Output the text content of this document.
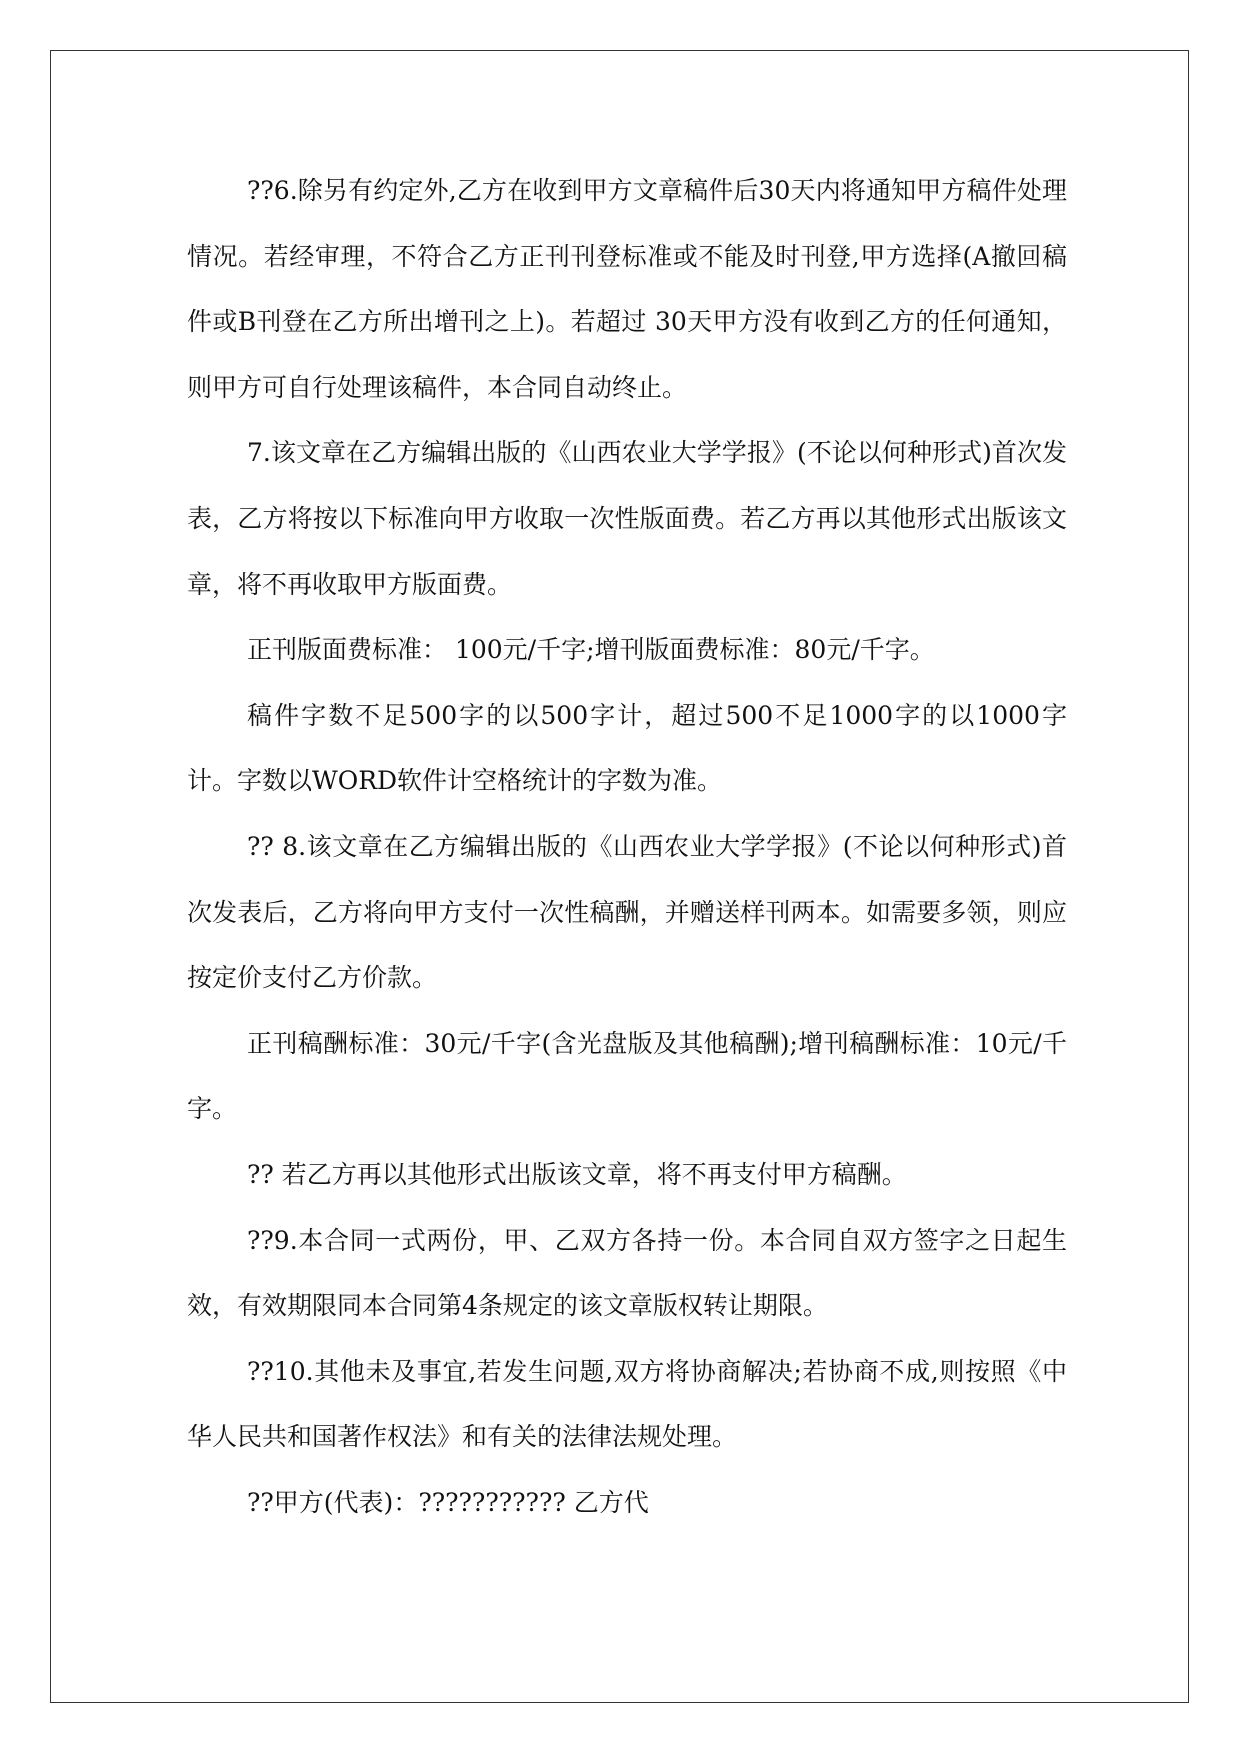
??6.除另有约定外,乙方在收到甲方文章稿件后30天内将通知甲方稿件处理情况。若经审理，不符合乙方正刊刊登标准或不能及时刊登,甲方选择(A撤回稿件或B刊登在乙方所出增刊之上)。若超过 30天甲方没有收到乙方的任何通知，则甲方可自行处理该稿件，本合同自动终止。

7.该文章在乙方编辑出版的《山西农业大学学报》(不论以何种形式)首次发表，乙方将按以下标准向甲方收取一次性版面费。若乙方再以其他形式出版该文章，将不再收取甲方版面费。

正刊版面费标准： 100元/千字;增刊版面费标准：80元/千字。

稿件字数不足500字的以500字计，超过500不足1000字的以1000字计。字数以WORD软件计空格统计的字数为准。

?? 8.该文章在乙方编辑出版的《山西农业大学学报》(不论以何种形式)首次发表后，乙方将向甲方支付一次性稿酬，并赠送样刊两本。如需要多领，则应按定价支付乙方价款。

正刊稿酬标准：30元/千字(含光盘版及其他稿酬);增刊稿酬标准：10元/千字。

?? 若乙方再以其他形式出版该文章，将不再支付甲方稿酬。

??9.本合同一式两份，甲、乙双方各持一份。本合同自双方签字之日起生效，有效期限同本合同第4条规定的该文章版权转让期限。

??10.其他未及事宜,若发生问题,双方将协商解决;若协商不成,则按照《中华人民共和国著作权法》和有关的法律法规处理。

??甲方(代表)：??????????? 乙方代
